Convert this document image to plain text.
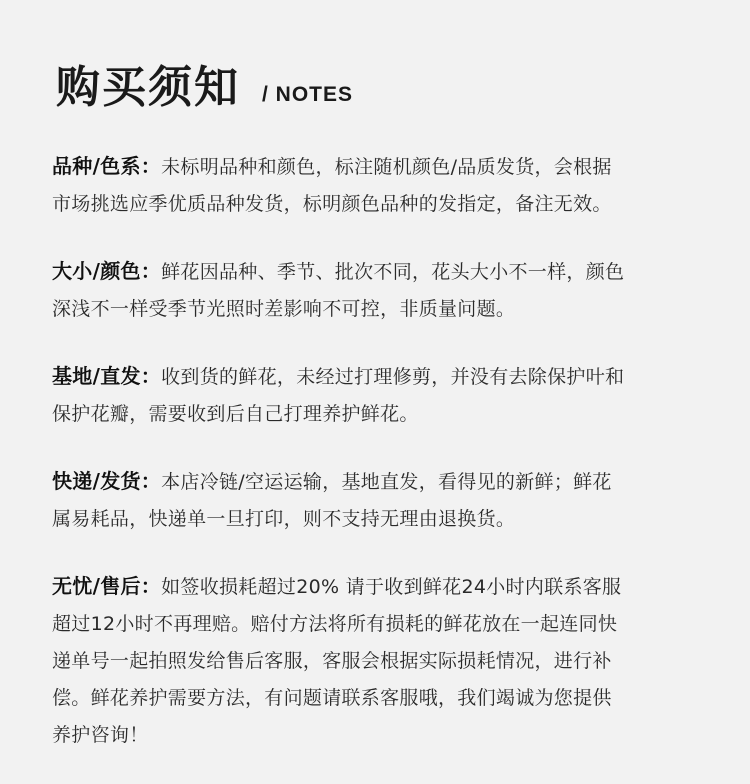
购买须知 / NOTES

品种/色系：未标明品种和颜色，标注随机颜色/品质发货，会根据

市场挑选应季优质品种发货，标明颜色品种的发指定，备注无效。

大小/颜色：鲜花因品种、季节、批次不同，花头大小不一样，颜色

深浅不一样受季节光照时差影响不可控，非质量问题。

基地/直发：收到货的鲜花，未经过打理修剪，并没有去除保护叶和

保护花瓣，需要收到后自己打理养护鲜花。

快递/发货：本店冷链/空运运输，基地直发，看得见的新鲜；鲜花

属易耗品，快递单一旦打印，则不支持无理由退换货。

无忧/售后：如签收损耗超过20% 请于收到鲜花24小时内联系客服

超过12小时不再理赔。赔付方法将所有损耗的鲜花放在一起连同快

递单号一起拍照发给售后客服，客服会根据实际损耗情况，进行补

偿。鲜花养护需要方法，有问题请联系客服哦，我们竭诚为您提供

养护咨询！
